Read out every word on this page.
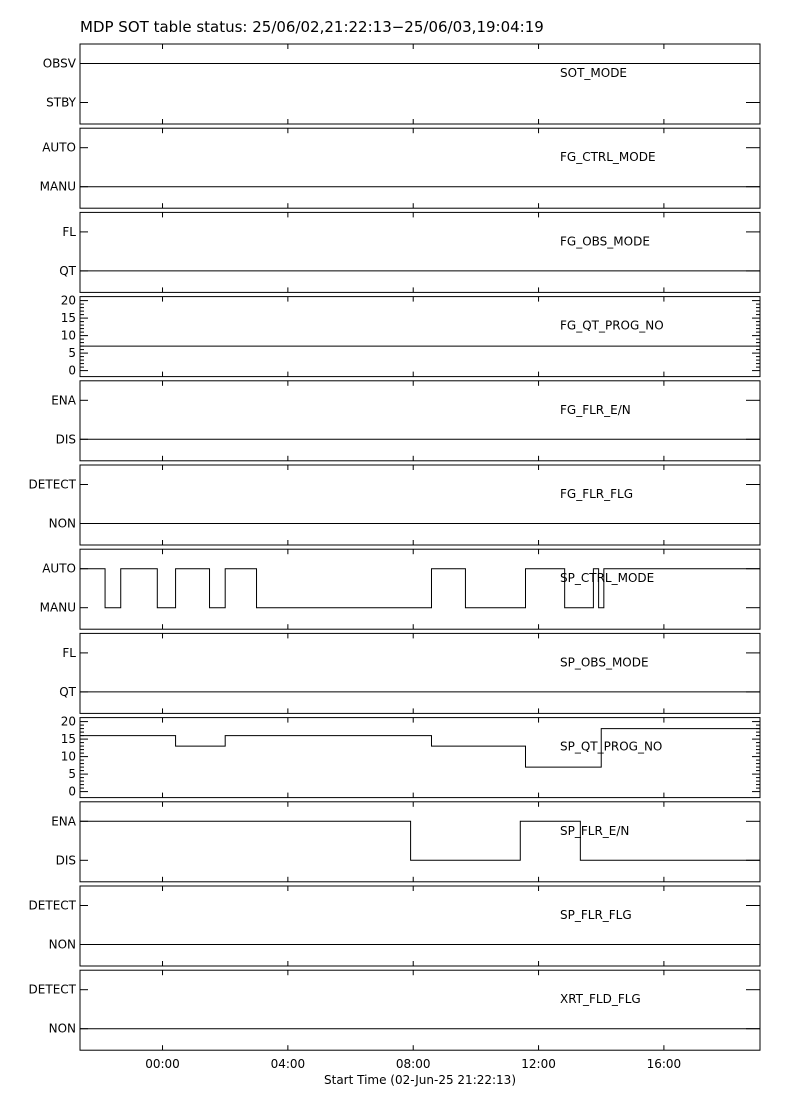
MDP SOT table status: 25/06/02,21:22:13−25/06/03,19:04:19
OBSV
STBY
SOT_MODE
AUTO
MANU
FG_CTRL_MODE
FL
QT
FG_OBS_MODE
20
15
10
5
0
FG_QT_PROG_NO
ENA
DIS
FG_FLR_E/N
DETECT
NON
FG_FLR_FLG
AUTO
MANU
SP_CTRL_MODE
FL
QT
SP_OBS_MODE
20
15
10
5
0
SP_QT_PROG_NO
ENA
DIS
SP_FLR_E/N
DETECT
NON
SP_FLR_FLG
DETECT
NON
XRT_FLD_FLG
00:00	04:00	08:00	12:00	16:00
Start Time (02-Jun-25 21:22:13)
